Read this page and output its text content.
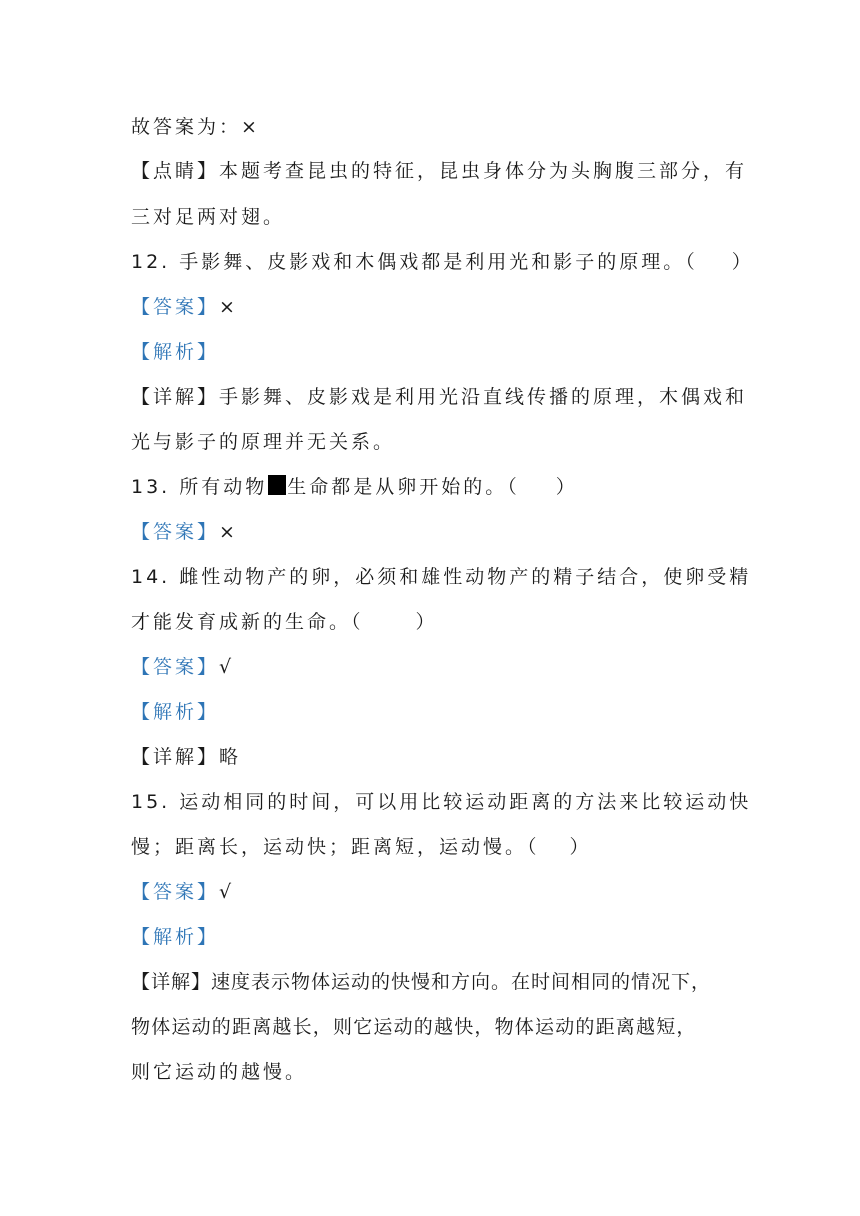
故答案为：×
【点睛】本题考查昆虫的特征，昆虫身体分为头胸腹三部分，有
三对足两对翅。
12. 手影舞、皮影戏和木偶戏都是利用光和影子的原理。（ ）
【答案】×
【解析】
【详解】手影舞、皮影戏是利用光沿直线传播的原理，木偶戏和
光与影子的原理并无关系。
13. 所有动物 生命都是从卵开始的。（ ）
【答案】×
14. 雌性动物产的卵，必须和雄性动物产的精子结合，使卵受精
才能发育成新的生命。（	）
【答案】√
【解析】
【详解】略
15. 运动相同的时间，可以用比较运动距离的方法来比较运动快
慢；距离长，运动快；距离短，运动慢。（ ）
【答案】√
【解析】
【详解】速度表示物体运动的快慢和方向。在时间相同的情况下，
物体运动的距离越长，则它运动的越快，物体运动的距离越短，
则它运动的越慢。
